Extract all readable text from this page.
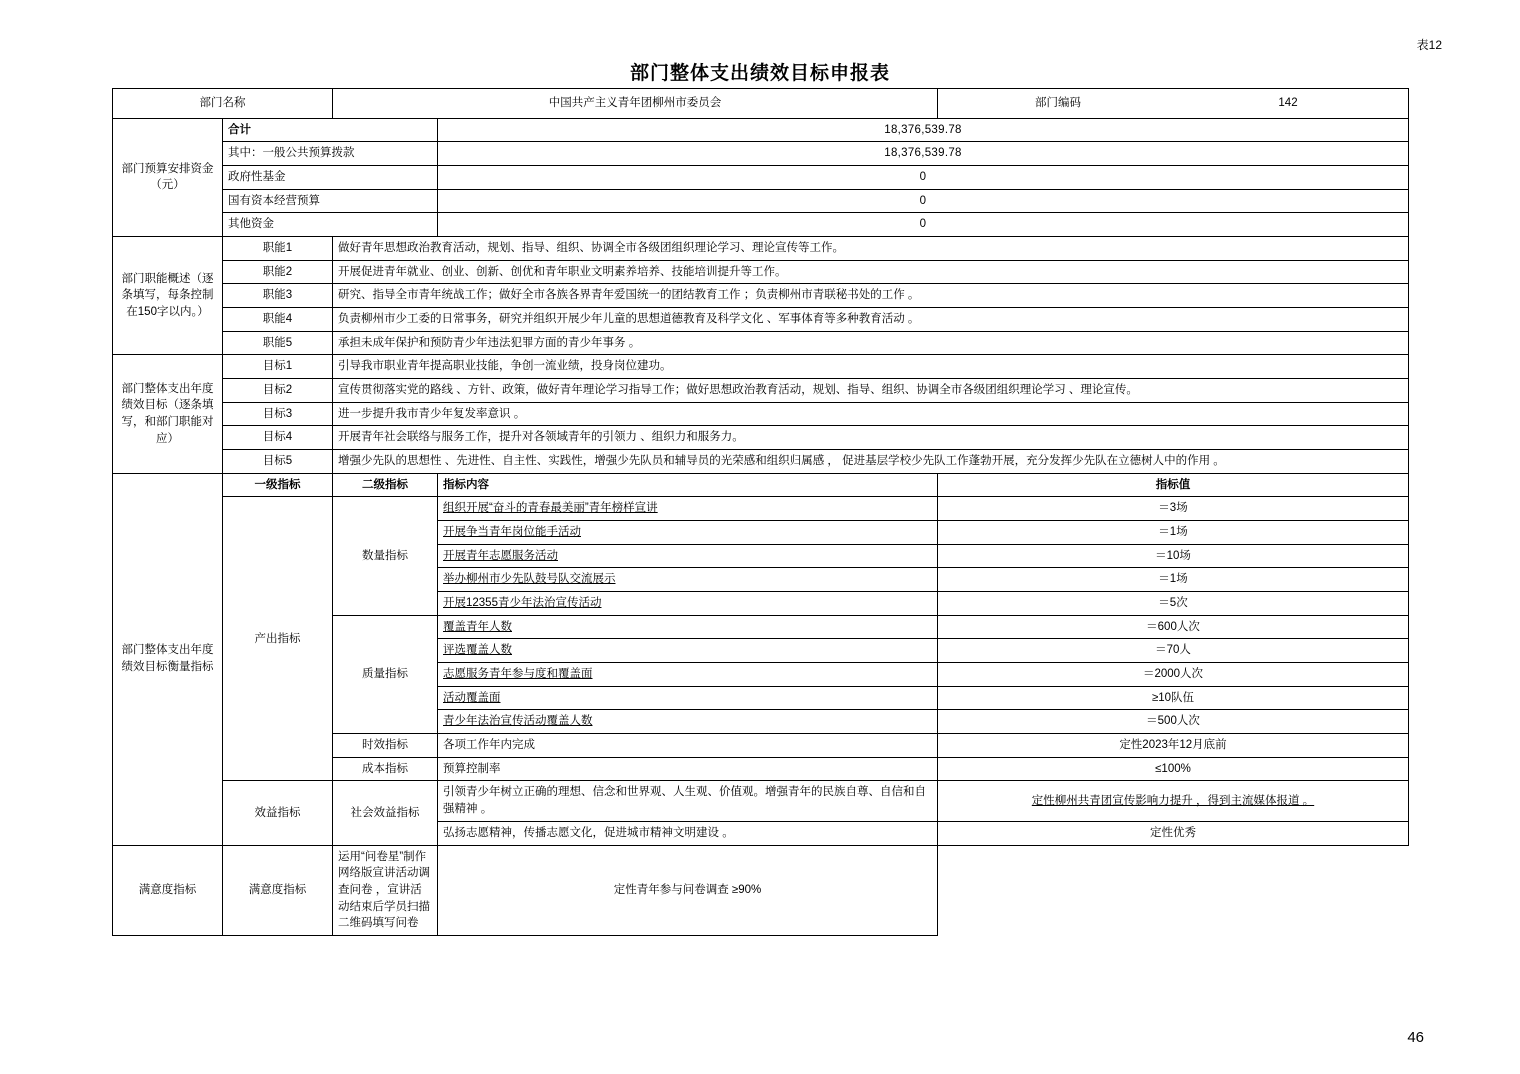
表12
部门整体支出绩效目标申报表
部门名称	中国共产主义青年团柳州市委员会		部门编码	142

部门预算安排资金（元）	合计	18,376,539.78
其中：一般公共预算拨款	18,376,539.78
政府性基金	0
国有资本经营预算	0
其他资金	0
部门职能概述（逐条填写，每条控制在150字以内。）	职能1	做好青年思想政治教育活动，规划、指导、组织、协调全市各级团组织理论学习、理论宣传等工作。
职能2	开展促进青年就业、创业、创新、创优和青年职业文明素养培养、技能培训提升等工作。
职能3	研究、指导全市青年统战工作；做好全市各族各界青年爱国统一的团结教育工作 ；负责柳州市青联秘书处的工作 。
职能4	负责柳州市少工委的日常事务，研究并组织开展少年儿童的思想道德教育及科学文化 、军事体育等多种教育活动 。
职能5	承担未成年保护和预防青少年违法犯罪方面的青少年事务 。
部门整体支出年度绩效目标（逐条填写，和部门职能对应）	目标1	引导我市职业青年提高职业技能，争创一流业绩，投身岗位建功。
目标2	宣传贯彻落实党的路线 、方针、政策，做好青年理论学习指导工作；做好思想政治教育活动，规划、指导、组织、协调全市各级团组织理论学习 、理论宣传。
目标3	进一步提升我市青少年复发率意识 。
目标4	开展青年社会联络与服务工作，提升对各领域青年的引领力 、组织力和服务力。
目标5	增强少先队的思想性 、先进性、自主性、实践性，增强少先队员和辅导员的光荣感和组织归属感 ， 促进基层学校少先队工作蓬勃开展，充分发挥少先队在立德树人中的作用 。
部门整体支出年度绩效目标衡量指标	一级指标	二级指标	指标内容	指标值
产出指标	数量指标	组织开展“奋斗的青春最美丽”青年榜样宣讲	＝3场
开展争当青年岗位能手活动	＝1场
开展青年志愿服务活动	＝10场
举办柳州市少先队鼓号队交流展示	＝1场
开展12355青少年法治宣传活动	＝5次
质量指标	覆盖青年人数	＝600人次
评选覆盖人数	＝70人
志愿服务青年参与度和覆盖面	＝2000人次
活动覆盖面	≥10队伍
青少年法治宣传活动覆盖人数	＝500人次
时效指标	各项工作年内完成	定性2023年12月底前
成本指标	预算控制率	≤100%
效益指标	社会效益指标	引领青少年树立正确的理想、信念和世界观、人生观、价值观。增强青年的民族自尊、自信和自强精神 。	定性柳州共青团宣传影响力提升 ，得到主流媒体报道 。
弘扬志愿精神，传播志愿文化，促进城市精神文明建设 。	定性优秀
满意度指标	满意度指标	运用“问卷星”制作网络版宣讲活动调查问卷 ，宣讲活动结束后学员扫描二维码填写问卷	定性青年参与问卷调查 ≥90%
46
